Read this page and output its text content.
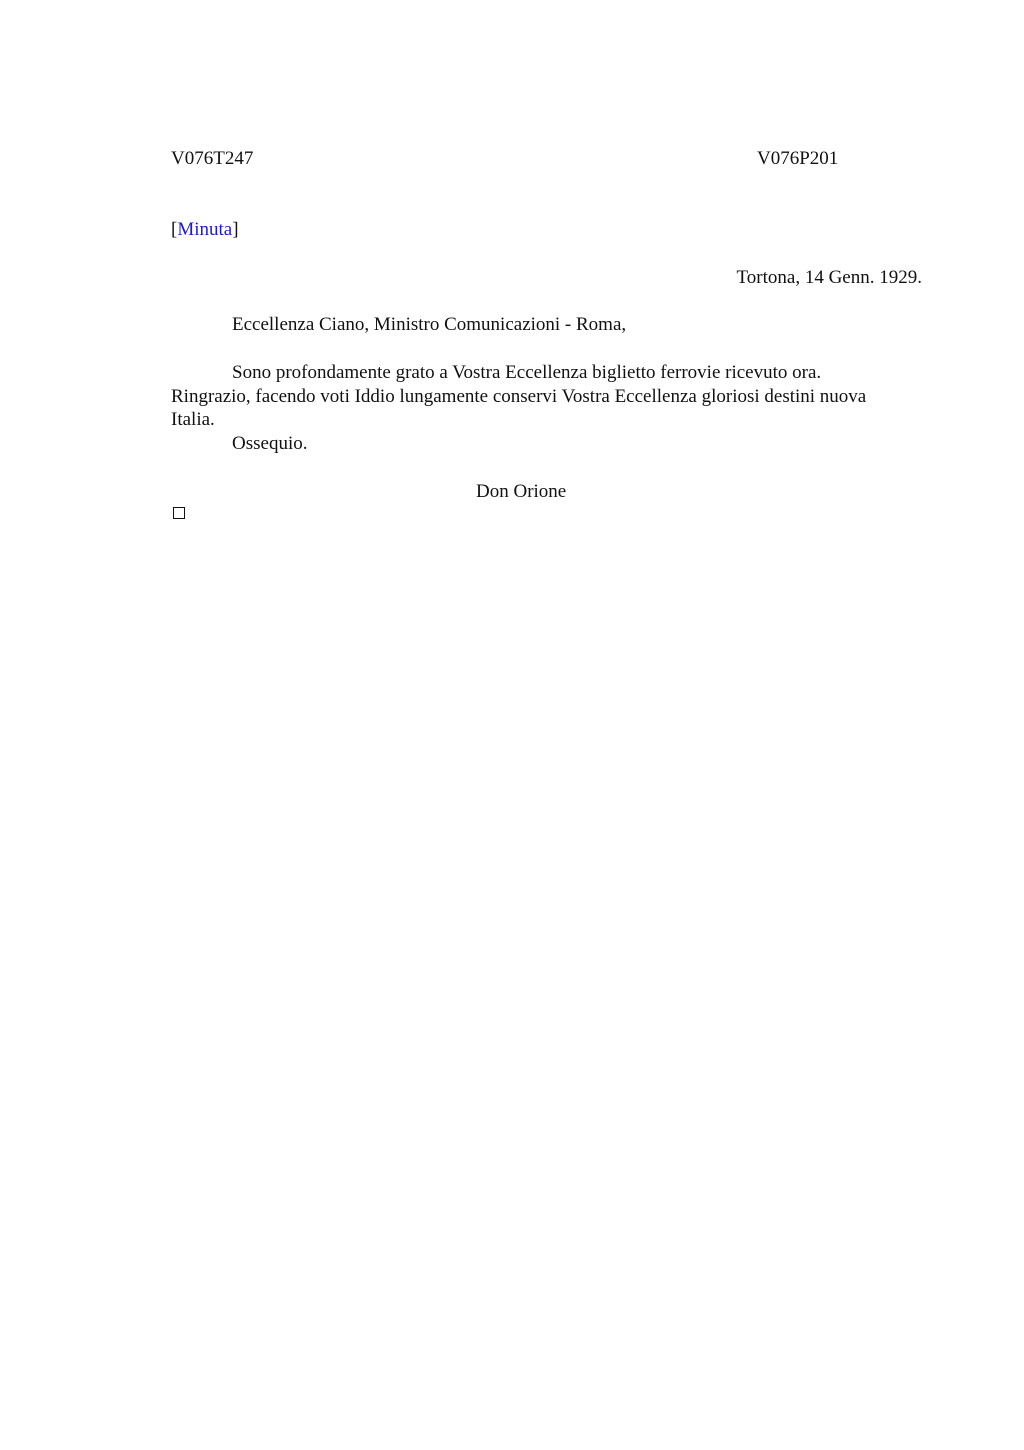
V076T247	V076P201
[Minuta]
Tortona, 14 Genn. 1929.
Eccellenza Ciano, Ministro Comunicazioni - Roma,

Sono profondamente grato a Vostra Eccellenza biglietto ferrovie ricevuto ora. Ringrazio, facendo voti Iddio lungamente conservi Vostra Eccellenza gloriosi destini nuova Italia.

Ossequio.

Don Orione
